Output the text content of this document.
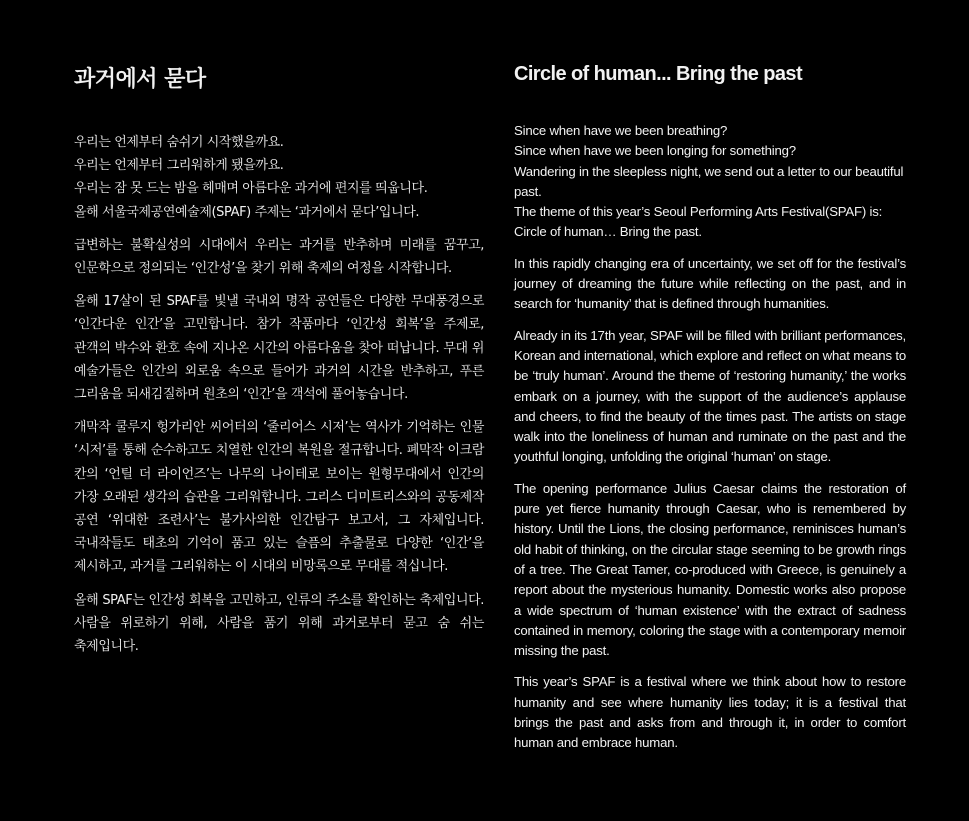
과거에서 묻다

우리는 언제부터 숨쉬기 시작했을까요.
우리는 언제부터 그리워하게 됐을까요.
우리는 잠 못 드는 밤을 헤매며 아름다운 과거에 편지를 띄웁니다.
올해 서울국제공연예술제(SPAF) 주제는 ‘과거에서 묻다’입니다.

급변하는 불확실성의 시대에서 우리는 과거를 반추하며 미래를 꿈꾸고, 인문학으로 정의되는 ‘인간성’을 찾기 위해 축제의 여정을 시작합니다.

올해 17살이 된 SPAF를 빛낼 국내외 명작 공연들은 다양한 무대풍경으로 ‘인간다운 인간’을 고민합니다. 참가 작품마다 ‘인간성 회복’을 주제로, 관객의 박수와 환호 속에 지나온 시간의 아름다움을 찾아 떠납니다. 무대 위 예술가들은 인간의 외로움 속으로 들어가 과거의 시간을 반추하고, 푸른 그리움을 되새김질하며 원초의 ‘인간’을 객석에 풀어놓습니다.

개막작 쿨루지 헝가리안 씨어터의 ‘줄리어스 시저’는 역사가 기억하는 인물 ‘시저’를 통해 순수하고도 치열한 인간의 복원을 절규합니다. 폐막작 이크람 칸의 ‘언틸 더 라이언즈’는 나무의 나이테로 보이는 원형무대에서 인간의 가장 오래된 생각의 습관을 그리워합니다. 그리스 디미트리스와의 공동제작 공연 ‘위대한 조련사’는 불가사의한 인간탐구 보고서, 그 자체입니다. 국내작들도 태초의 기억이 품고 있는 슬픔의 추출물로 다양한 ‘인간’을 제시하고, 과거를 그리워하는 이 시대의 비망록으로 무대를 적십니다.

올해 SPAF는 인간성 회복을 고민하고, 인류의 주소를 확인하는 축제입니다. 사람을 위로하기 위해, 사람을 품기 위해 과거로부터 묻고 숨 쉬는 축제입니다.

Circle of human... Bring the past

Since when have we been breathing?
Since when have we been longing for something?
Wandering in the sleepless night, we send out a letter to our beautiful past.
The theme of this year’s Seoul Performing Arts Festival(SPAF) is: Circle of human… Bring the past.

In this rapidly changing era of uncertainty, we set off for the festival’s journey of dreaming the future while reflecting on the past, and in search for ‘humanity’ that is defined through humanities.

Already in its 17th year, SPAF will be filled with brilliant performances, Korean and international, which explore and reflect on what means to be ‘truly human’. Around the theme of ‘restoring humanity,’ the works embark on a journey, with the support of the audience’s applause and cheers, to find the beauty of the times past. The artists on stage walk into the loneliness of human and ruminate on the past and the youthful longing, unfolding the original ‘human’ on stage.

The opening performance Julius Caesar claims the restoration of pure yet fierce humanity through Caesar, who is remembered by history. Until the Lions, the closing performance, reminisces human’s old habit of thinking, on the circular stage seeming to be growth rings of a tree. The Great Tamer, co-produced with Greece, is genuinely a report about the mysterious humanity. Domestic works also propose a wide spectrum of ‘human existence’ with the extract of sadness contained in memory, coloring the stage with a contemporary memoir missing the past.

This year’s SPAF is a festival where we think about how to restore humanity and see where humanity lies today; it is a festival that brings the past and asks from and through it, in order to comfort human and embrace human.
